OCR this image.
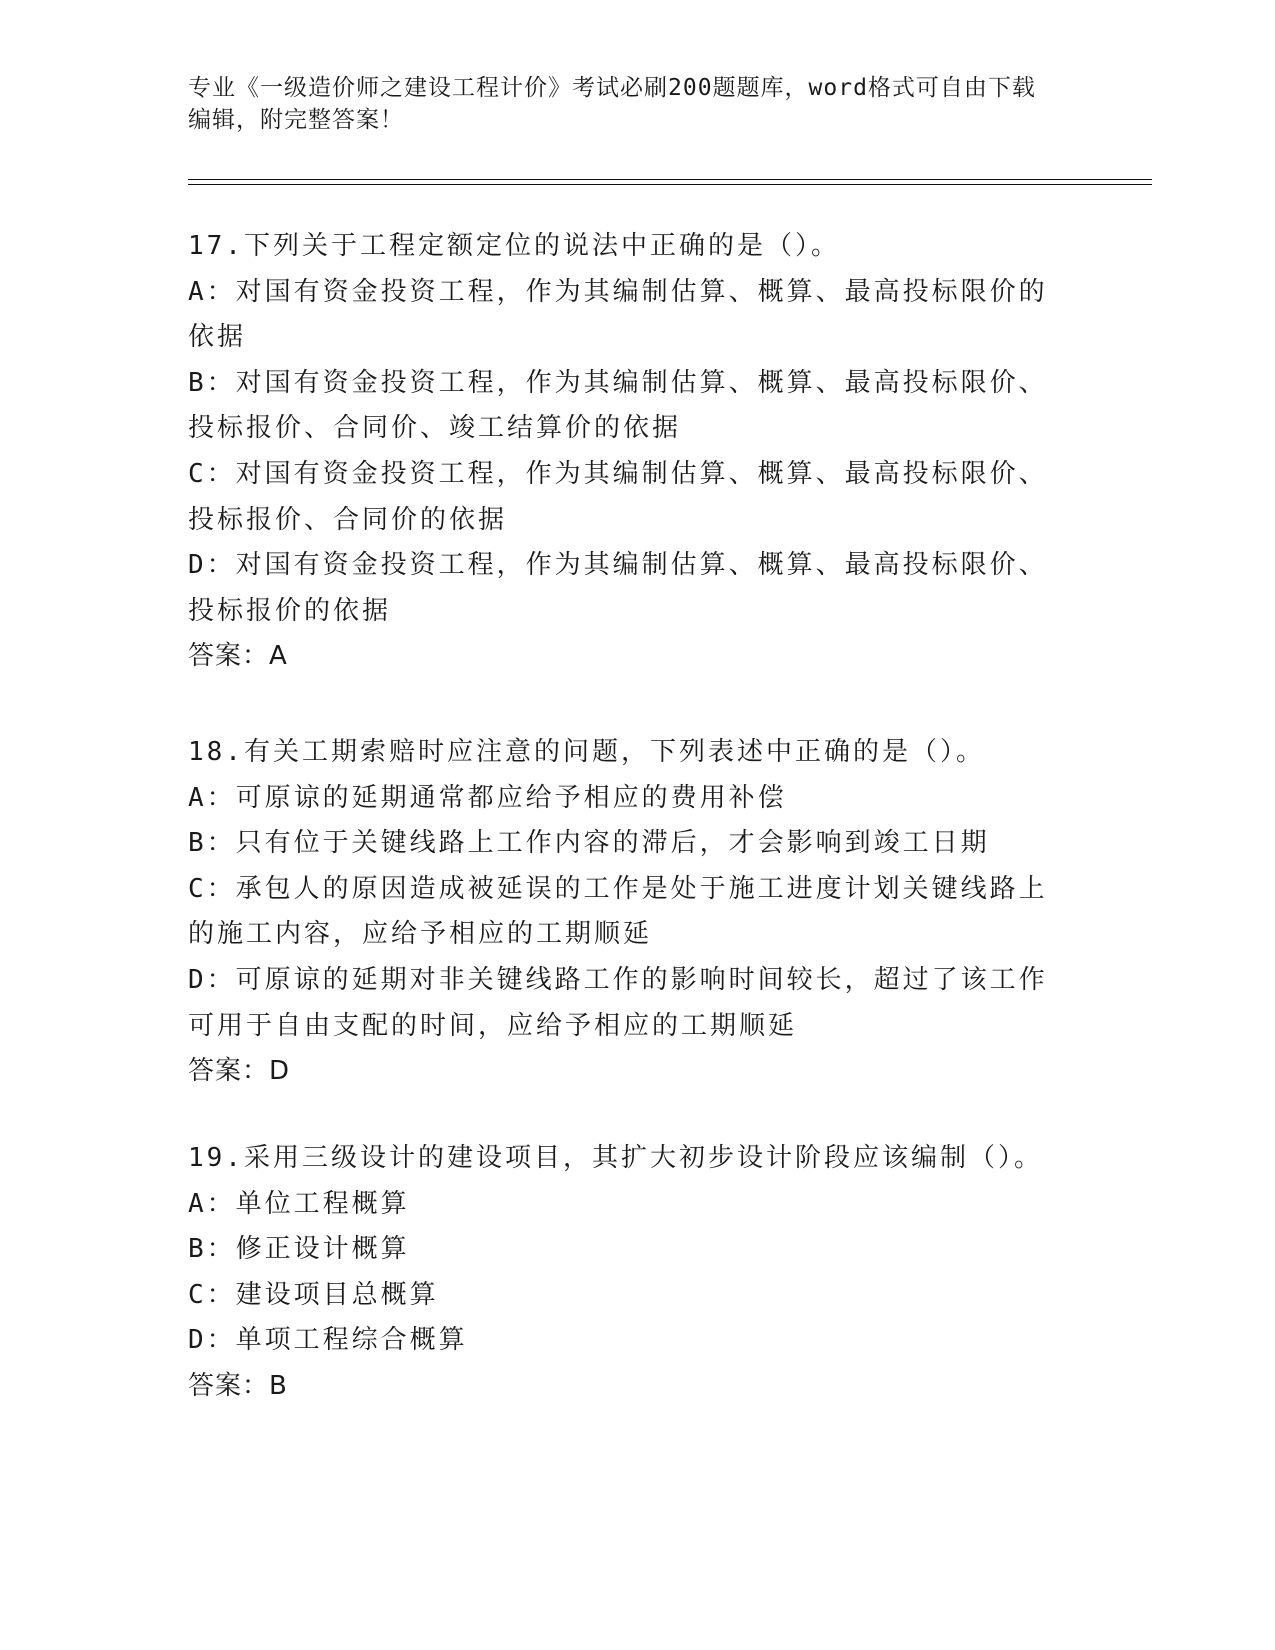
专业《一级造价师之建设工程计价》考试必刷200题题库，word格式可自由下载
编辑，附完整答案！
17.下列关于工程定额定位的说法中正确的是（）。
A：对国有资金投资工程，作为其编制估算、概算、最高投标限价的依据
B：对国有资金投资工程，作为其编制估算、概算、最高投标限价、投标报价、合同价、竣工结算价的依据
C：对国有资金投资工程，作为其编制估算、概算、最高投标限价、投标报价、合同价的依据
D：对国有资金投资工程，作为其编制估算、概算、最高投标限价、投标报价的依据
答案：A
18.有关工期索赔时应注意的问题，下列表述中正确的是（）。
A：可原谅的延期通常都应给予相应的费用补偿
B：只有位于关键线路上工作内容的滞后，才会影响到竣工日期
C：承包人的原因造成被延误的工作是处于施工进度计划关键线路上的施工内容，应给予相应的工期顺延
D：可原谅的延期对非关键线路工作的影响时间较长，超过了该工作可用于自由支配的时间，应给予相应的工期顺延
答案：D
19.采用三级设计的建设项目，其扩大初步设计阶段应该编制（）。
A：单位工程概算
B：修正设计概算
C：建设项目总概算
D：单项工程综合概算
答案：B
